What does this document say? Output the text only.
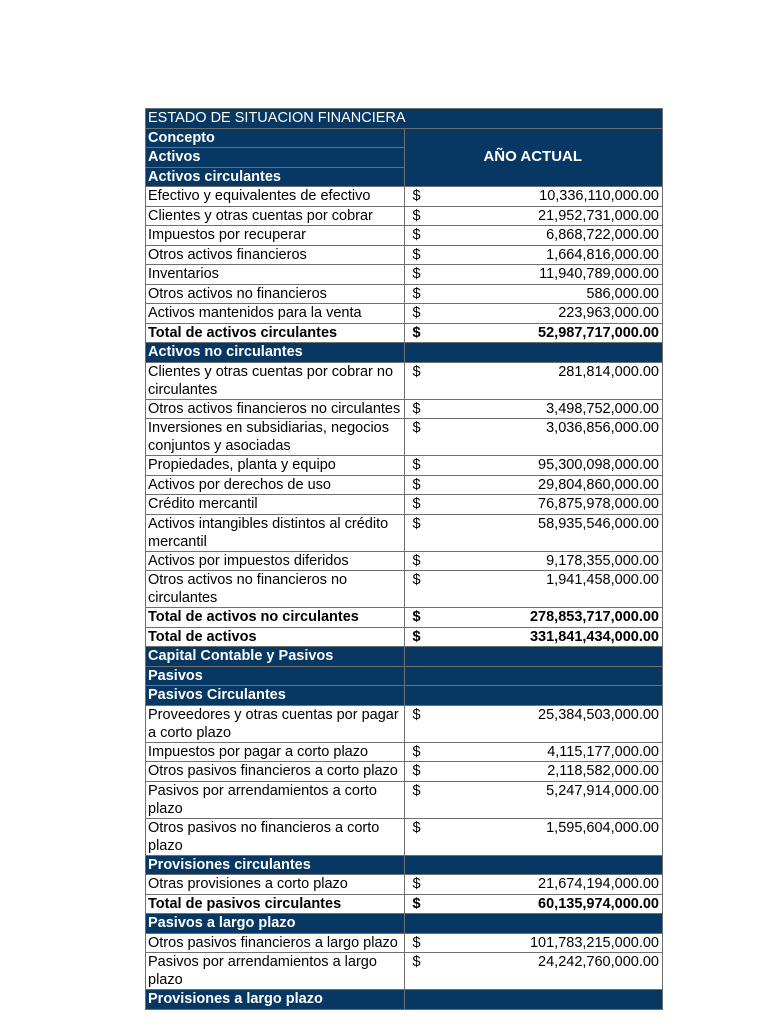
ESTADO DE SITUACION FINANCIERA	
Concepto	AÑO ACTUAL
Activos	
Activos circulantes	
Efectivo y equivalentes de efectivo	$ 10,336,110,000.00

Clientes y otras cuentas por cobrar	$ 21,952,731,000.00

Impuestos por recuperar	$ 6,868,722,000.00

Otros activos financieros	$ 1,664,816,000.00

Inventarios	$ 11,940,789,000.00

Otros activos no financieros	$ 586,000.00

Activos mantenidos para la venta	$ 223,963,000.00

Total de activos circulantes	$ 52,987,717,000.00

Activos no circulantes	
Clientes y otras cuentas por cobrar no circulantes	$ 281,814,000.00

Otros activos financieros no circulantes	$ 3,498,752,000.00

Inversiones en subsidiarias, negocios conjuntos y asociadas	$ 3,036,856,000.00

Propiedades, planta y equipo	$ 95,300,098,000.00

Activos por derechos de uso	$ 29,804,860,000.00

Crédito mercantil	$ 76,875,978,000.00

Activos intangibles distintos al crédito mercantil	$ 58,935,546,000.00

Activos por impuestos diferidos	$ 9,178,355,000.00

Otros activos no financieros no circulantes	$ 1,941,458,000.00

Total de activos no circulantes	$ 278,853,717,000.00

Total de activos	$ 331,841,434,000.00

Capital Contable y Pasivos	
Pasivos	
Pasivos Circulantes	
Proveedores y otras cuentas por pagar a corto plazo	$ 25,384,503,000.00

Impuestos por pagar a corto plazo	$ 4,115,177,000.00

Otros pasivos financieros a corto plazo	$ 2,118,582,000.00

Pasivos por arrendamientos a corto plazo	$ 5,247,914,000.00

Otros pasivos no financieros a corto plazo	$ 1,595,604,000.00

Provisiones circulantes	
Otras provisiones a corto plazo	$ 21,674,194,000.00

Total de pasivos circulantes	$ 60,135,974,000.00

Pasivos a largo plazo	
Otros pasivos financieros a largo plazo	$ 101,783,215,000.00

Pasivos por arrendamientos a largo plazo	$ 24,242,760,000.00

Provisiones a largo plazo	
